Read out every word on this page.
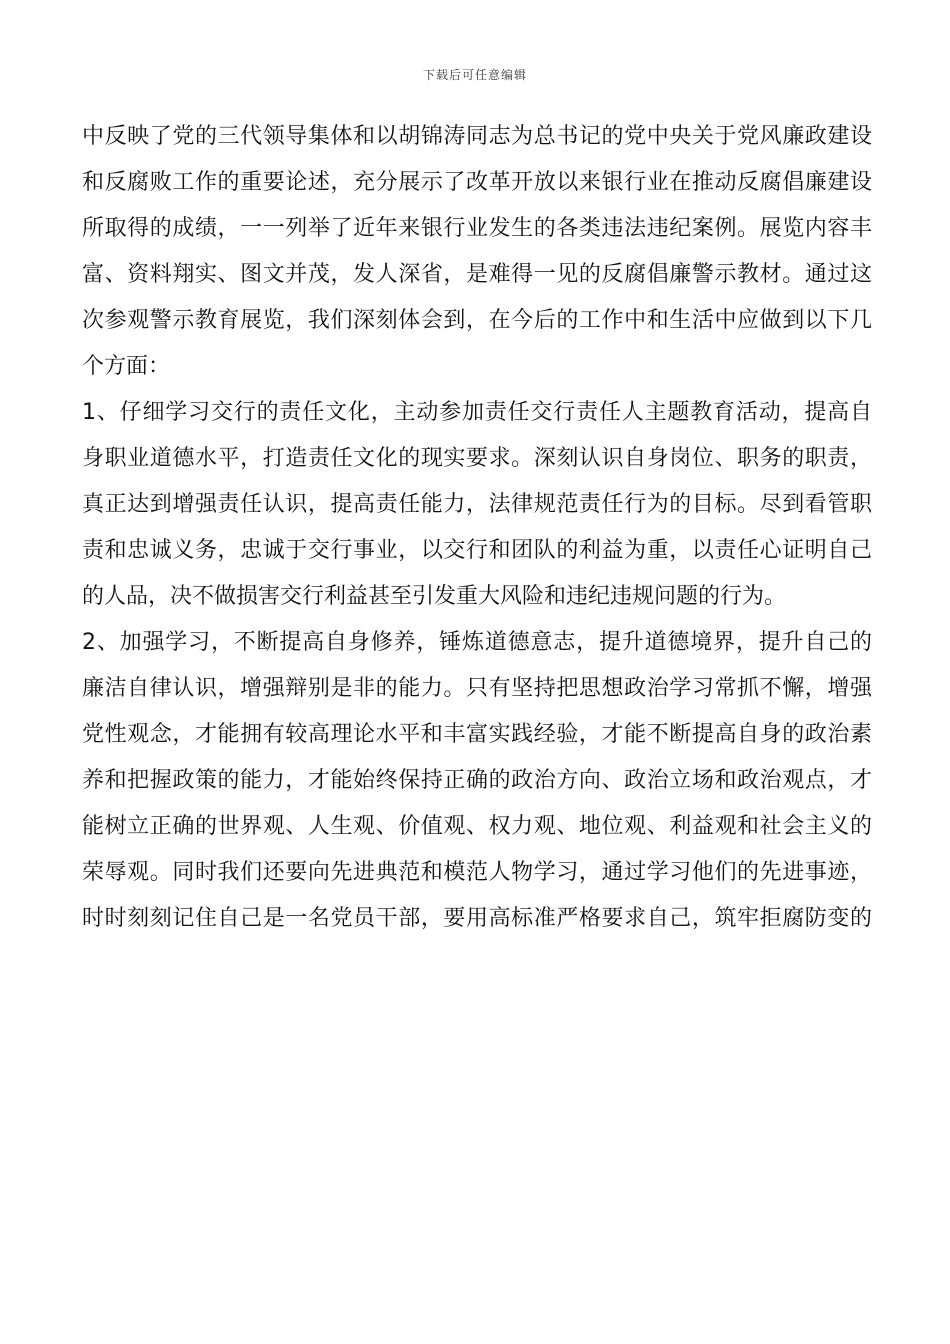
下载后可任意编辑
中反映了党的三代领导集体和以胡锦涛同志为总书记的党中央关于党风廉政建设
和反腐败工作的重要论述，充分展示了改革开放以来银行业在推动反腐倡廉建设
所取得的成绩，一一列举了近年来银行业发生的各类违法违纪案例。展览内容丰
富、资料翔实、图文并茂，发人深省，是难得一见的反腐倡廉警示教材。通过这
次参观警示教育展览，我们深刻体会到，在今后的工作中和生活中应做到以下几
个方面：
1、仔细学习交行的责任文化，主动参加责任交行责任人主题教育活动，提高自
身职业道德水平，打造责任文化的现实要求。深刻认识自身岗位、职务的职责，
真正达到增强责任认识，提高责任能力，法律规范责任行为的目标。尽到看管职
责和忠诚义务，忠诚于交行事业，以交行和团队的利益为重，以责任心证明自己
的人品，决不做损害交行利益甚至引发重大风险和违纪违规问题的行为。
2、加强学习，不断提高自身修养，锤炼道德意志，提升道德境界，提升自己的
廉洁自律认识，增强辩别是非的能力。只有坚持把思想政治学习常抓不懈，增强
党性观念，才能拥有较高理论水平和丰富实践经验，才能不断提高自身的政治素
养和把握政策的能力，才能始终保持正确的政治方向、政治立场和政治观点，才
能树立正确的世界观、人生观、价值观、权力观、地位观、利益观和社会主义的
荣辱观。同时我们还要向先进典范和模范人物学习，通过学习他们的先进事迹，
时时刻刻记住自己是一名党员干部，要用高标准严格要求自己，筑牢拒腐防变的
